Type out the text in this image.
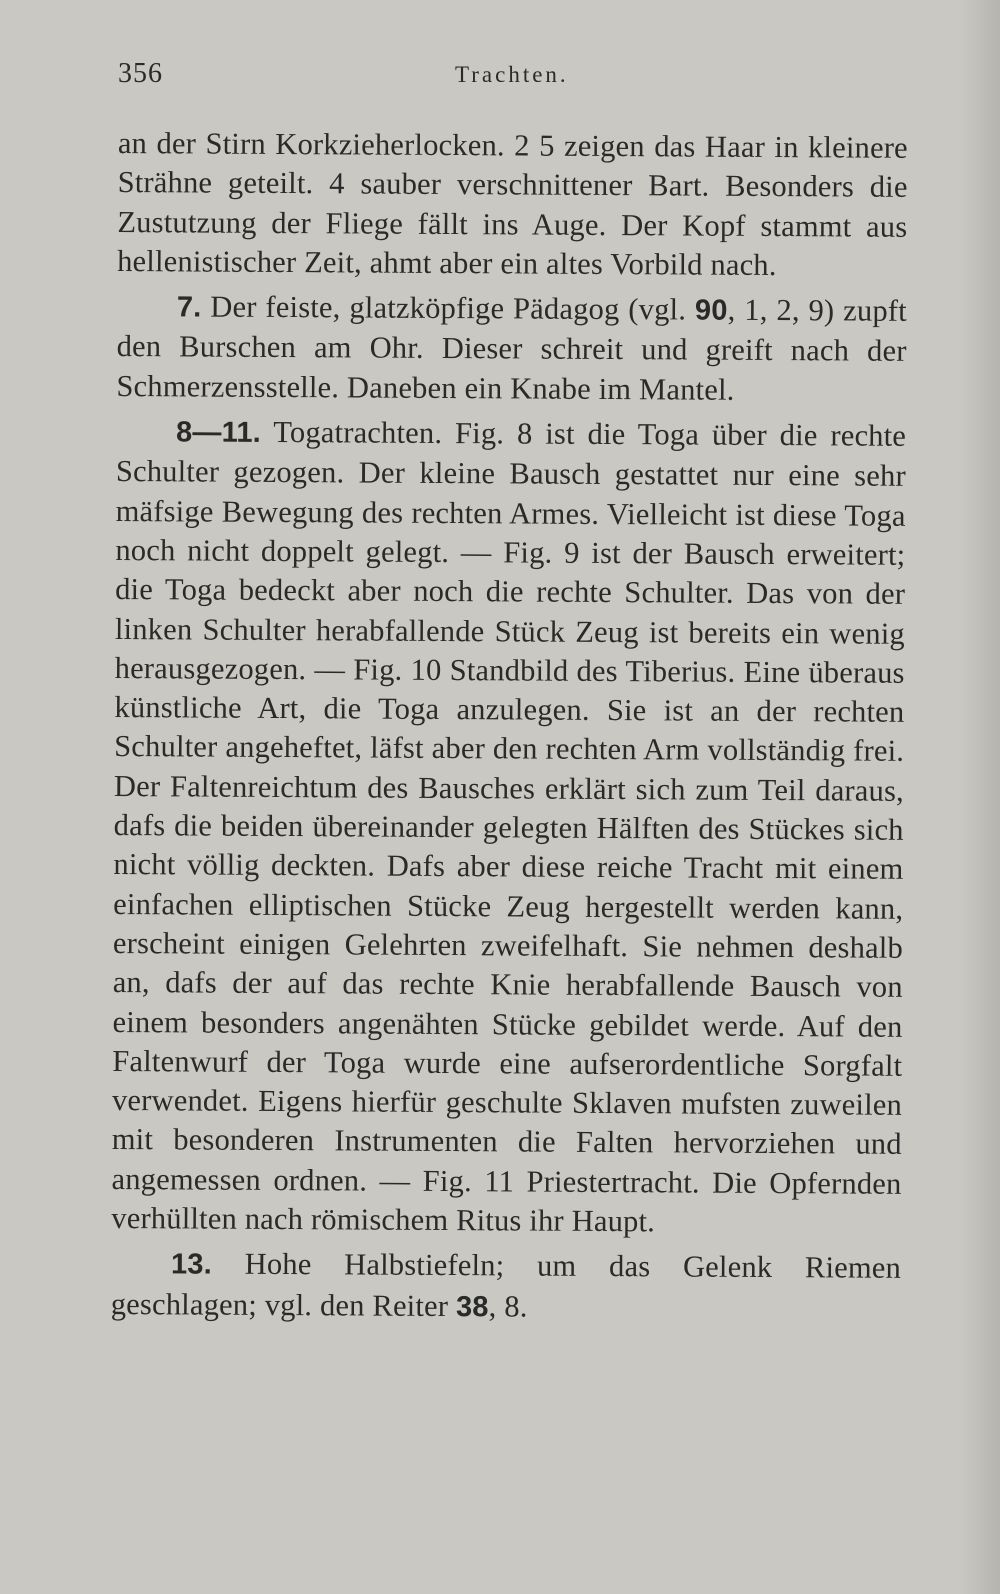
356	Trachten.

an der Stirn Korkzieherlocken. 2 5 zeigen das Haar in kleinere Strähne geteilt. 4 sauber verschnittener Bart. Besonders die Zustutzung der Fliege fällt ins Auge. Der Kopf stammt aus hellenistischer Zeit, ahmt aber ein altes Vorbild nach.

7. Der feiste, glatzköpfige Pädagog (vgl. 90, 1, 2, 9) zupft den Burschen am Ohr. Dieser schreit und greift nach der Schmerzensstelle. Daneben ein Knabe im Mantel.

8—11. Togatrachten. Fig. 8 ist die Toga über die rechte Schulter gezogen. Der kleine Bausch gestattet nur eine sehr mäfsige Bewegung des rechten Armes. Vielleicht ist diese Toga noch nicht doppelt gelegt. — Fig. 9 ist der Bausch erweitert; die Toga bedeckt aber noch die rechte Schulter. Das von der linken Schulter herabfallende Stück Zeug ist bereits ein wenig herausgezogen. — Fig. 10 Standbild des Tiberius. Eine überaus künstliche Art, die Toga anzulegen. Sie ist an der rechten Schulter angeheftet, läfst aber den rechten Arm vollständig frei. Der Faltenreichtum des Bausches erklärt sich zum Teil daraus, dafs die beiden übereinander gelegten Hälften des Stückes sich nicht völlig deckten. Dafs aber diese reiche Tracht mit einem einfachen elliptischen Stücke Zeug hergestellt werden kann, erscheint einigen Gelehrten zweifelhaft. Sie nehmen deshalb an, dafs der auf das rechte Knie herabfallende Bausch von einem besonders angenähten Stücke gebildet werde. Auf den Faltenwurf der Toga wurde eine aufserordentliche Sorgfalt verwendet. Eigens hierfür geschulte Sklaven mufsten zuweilen mit besonderen Instrumenten die Falten hervorziehen und angemessen ordnen. — Fig. 11 Priestertracht. Die Opfernden verhüllten nach römischem Ritus ihr Haupt.

13. Hohe Halbstiefeln; um das Gelenk Riemen geschlagen; vgl. den Reiter 38, 8.
